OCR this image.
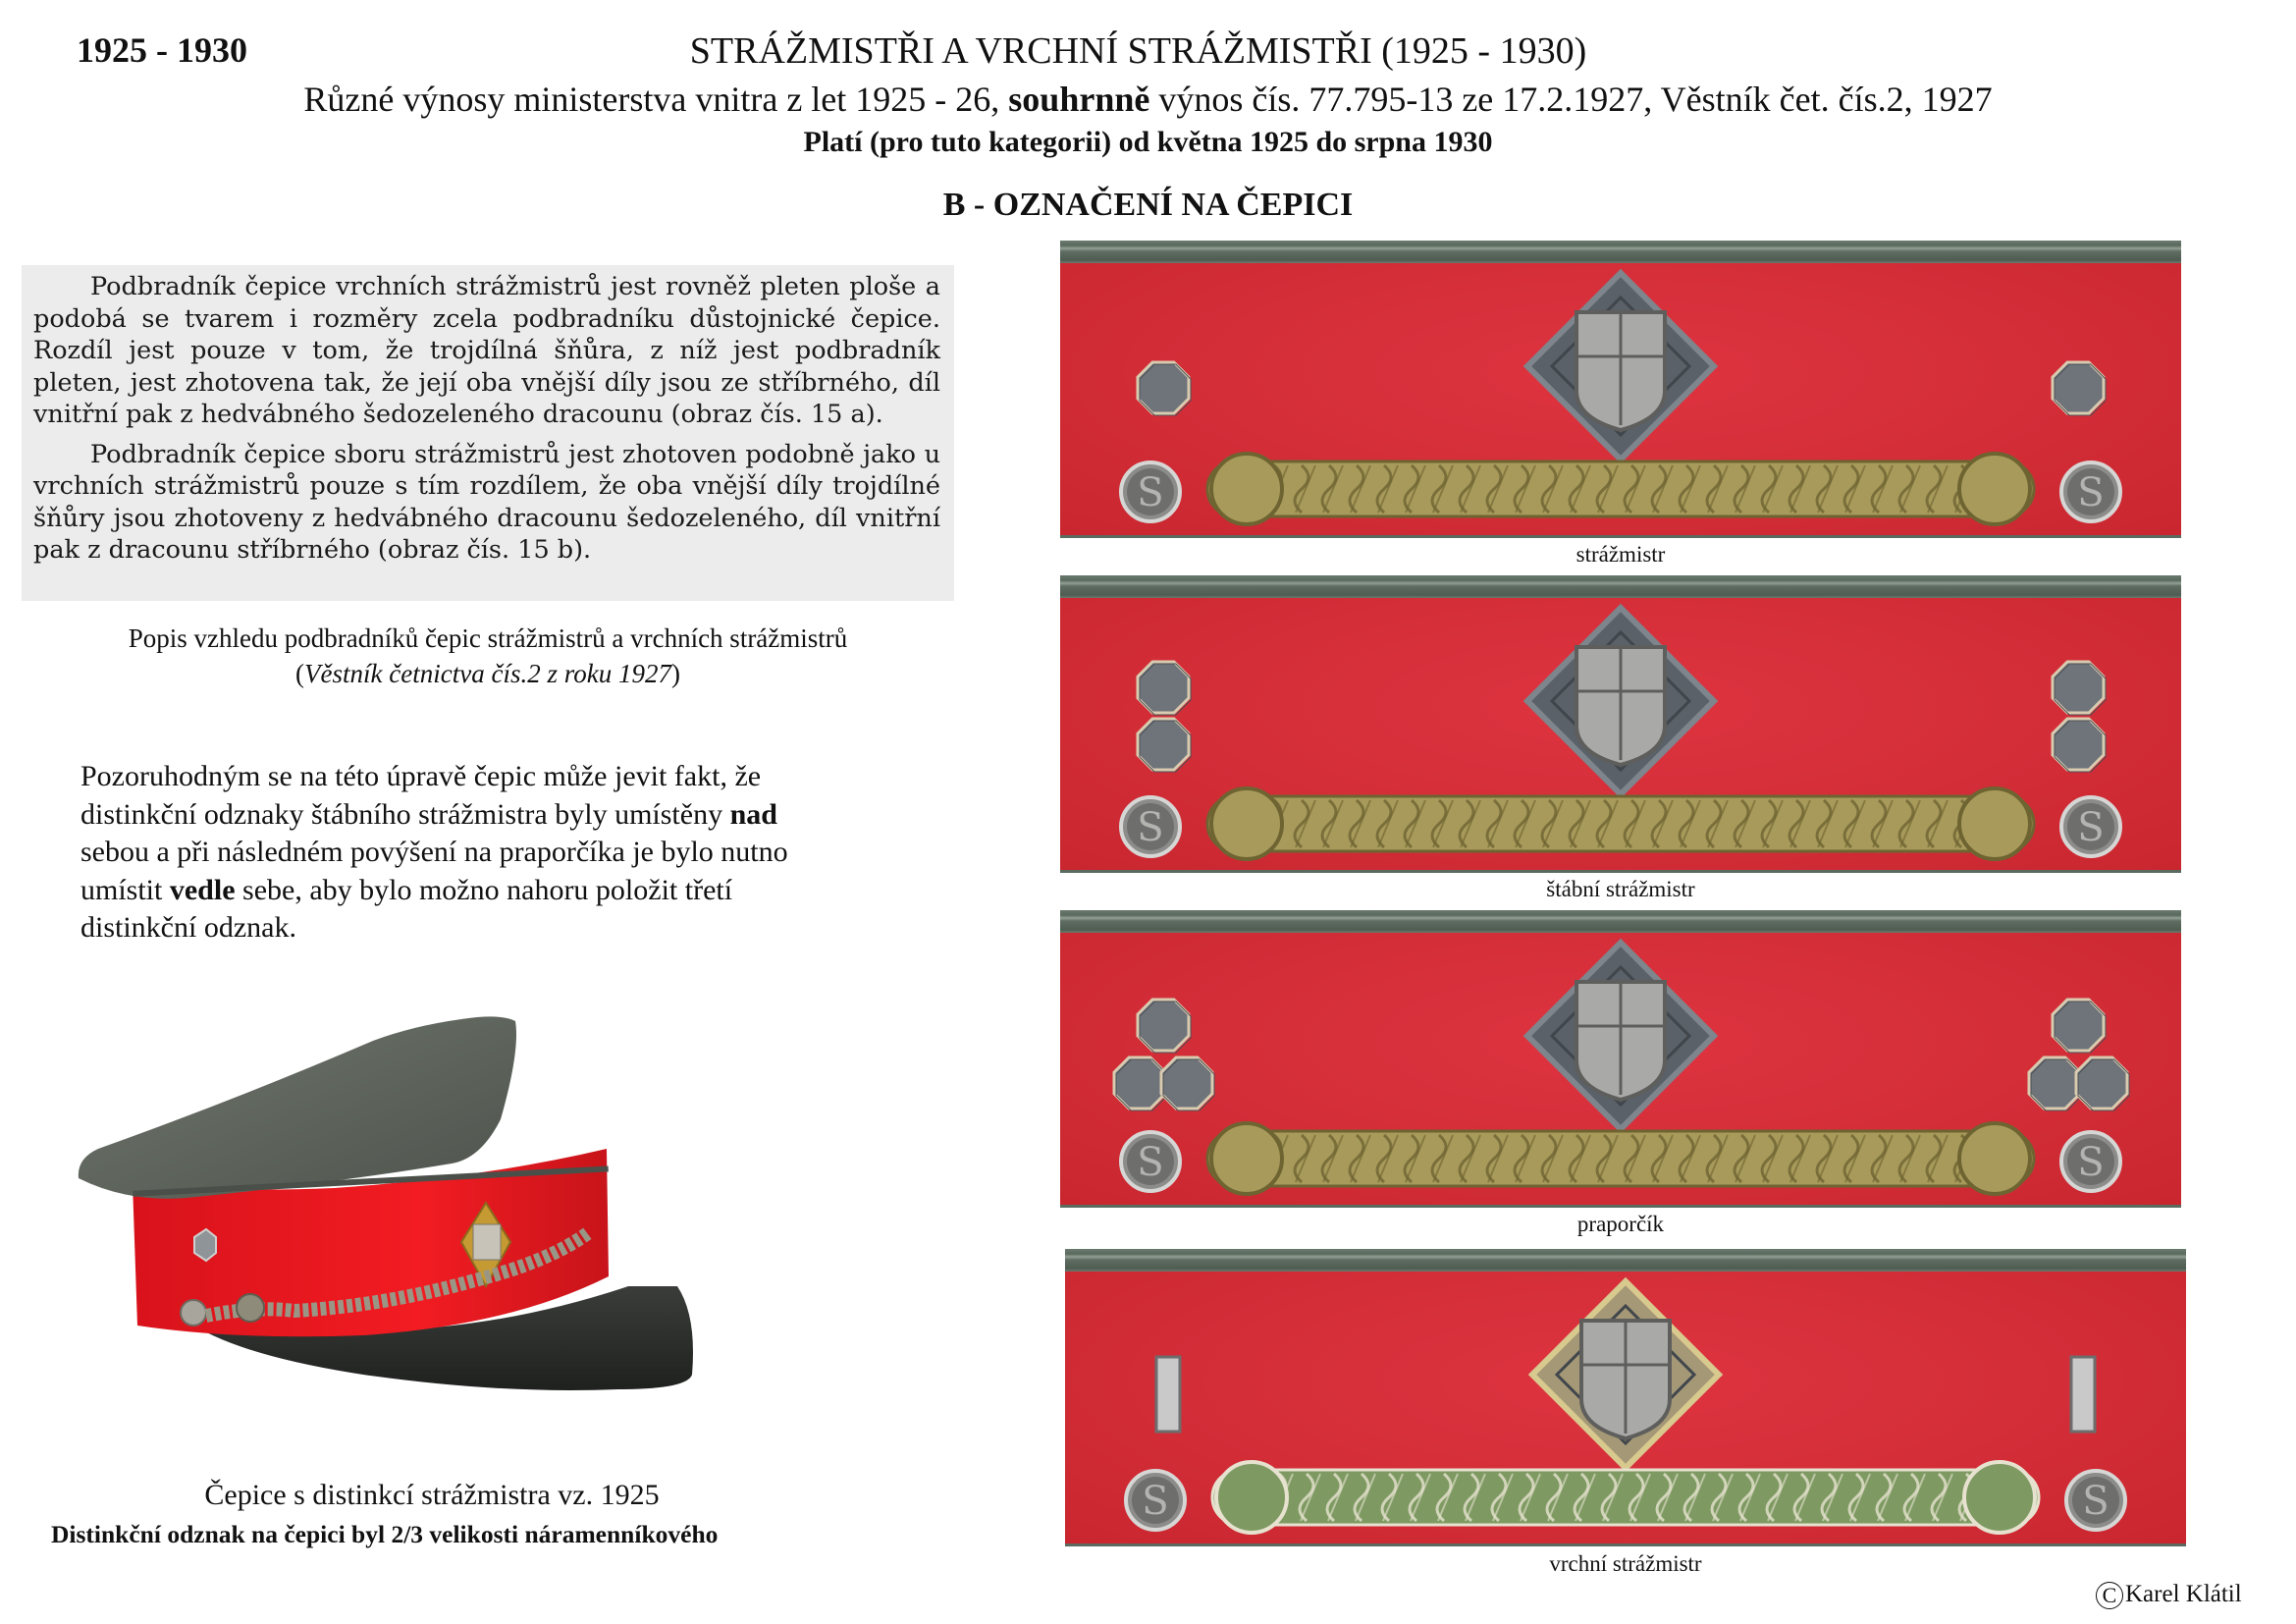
1925 - 1930	STRÁŽMISTŘI A VRCHNÍ STRÁŽMISTŘI (1925 - 1930)
Různé výnosy ministerstva vnitra z let 1925 - 26, souhrnně výnos čís. 77.795-13 ze 17.2.1927, Věstník čet. čís.2, 1927
Platí (pro tuto kategorii) od května 1925 do srpna 1930
B - OZNAČENÍ NA ČEPICI

Podbradník čepice vrchních strážmistrů jest rovněž pleten ploše a podobá se tvarem i rozměry zcela podbradníku důstojnické čepice. Rozdíl jest pouze v tom, že trojdílná šňůra, z níž jest podbradník pleten, jest zhotovena tak, že její oba vnější díly jsou ze stříbrného, díl vnitřní pak z hedvábného šedozeleného dracounu (obraz čís. 15 a).

Podbradník čepice sboru strážmistrů jest zhotoven podobně jako u vrchních strážmistrů pouze s tím rozdílem, že oba vnější díly trojdílné šňůry jsou zhotoveny z hedvábného dracounu šedozeleného, díl vnitřní pak z dracounu stříbrného (obraz čís. 15 b).

Popis vzhledu podbradníků čepic strážmistrů a vrchních strážmistrů
(Věstník četnictva čís.2 z roku 1927)
Pozoruhodným se na této úpravě čepic může jevit fakt, že distinkční odznaky štábního strážmistra byly umístěny nad sebou a při následném povýšení na praporčíka je bylo nutno umístit vedle sebe, aby bylo možno nahoru položit třetí distinkční odznak.
Čepice s distinkcí strážmistra vz. 1925
Distinkční odznak na čepici byl 2/3 velikosti náramenníkového
S	S
strážmistr
S	S
štábní strážmistr
S	S
praporčík
S	S
vrchní strážmistr
C Karel Klátil
